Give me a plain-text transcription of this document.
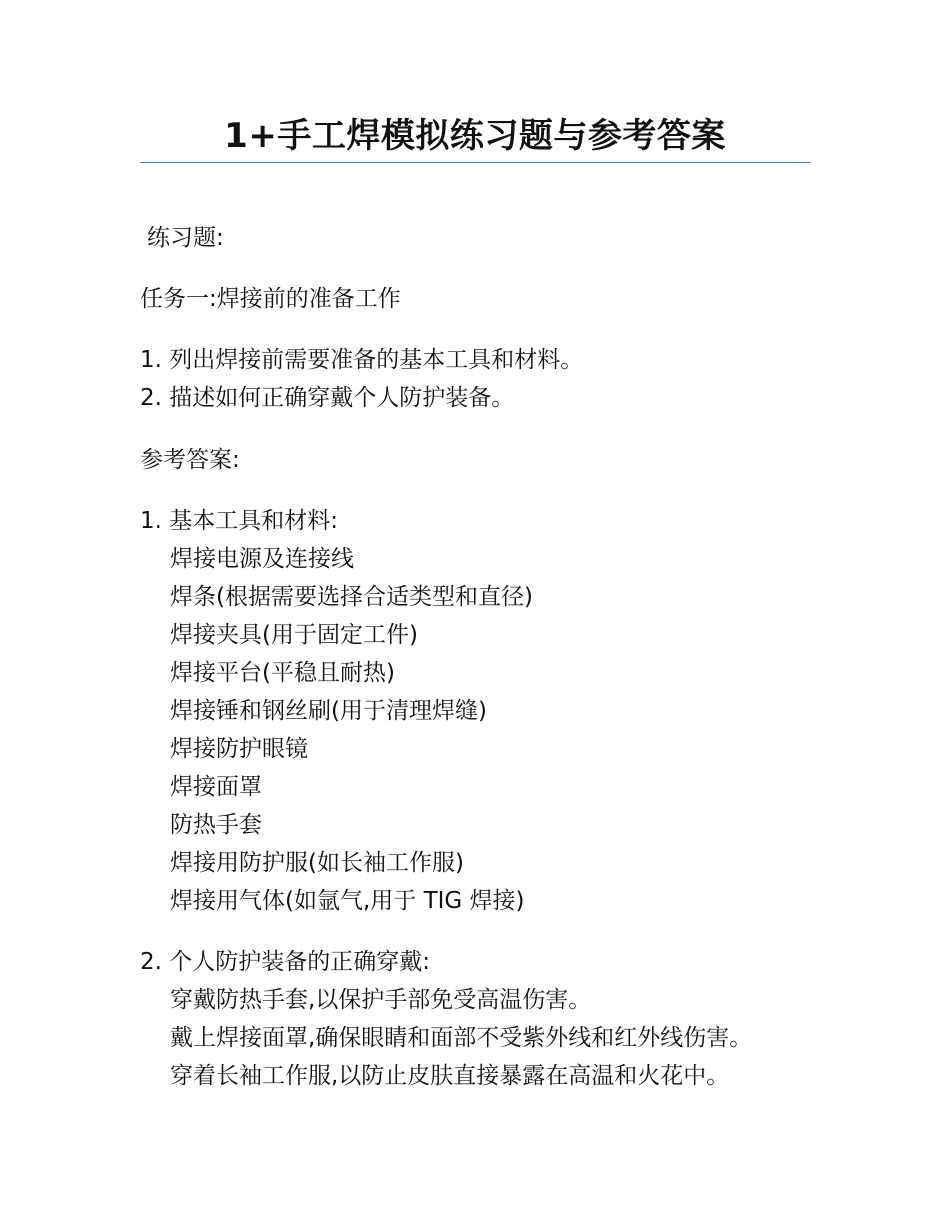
1+手工焊模拟练习题与参考答案
练习题:
任务一:焊接前的准备工作
1. 列出焊接前需要准备的基本工具和材料。
2. 描述如何正确穿戴个人防护装备。
参考答案:
1. 基本工具和材料:
焊接电源及连接线
焊条(根据需要选择合适类型和直径)
焊接夹具(用于固定工件)
焊接平台(平稳且耐热)
焊接锤和钢丝刷(用于清理焊缝)
焊接防护眼镜
焊接面罩
防热手套
焊接用防护服(如长袖工作服)
焊接用气体(如氩气,用于 TIG 焊接)
2. 个人防护装备的正确穿戴:
穿戴防热手套,以保护手部免受高温伤害。
戴上焊接面罩,确保眼睛和面部不受紫外线和红外线伤害。
穿着长袖工作服,以防止皮肤直接暴露在高温和火花中。
